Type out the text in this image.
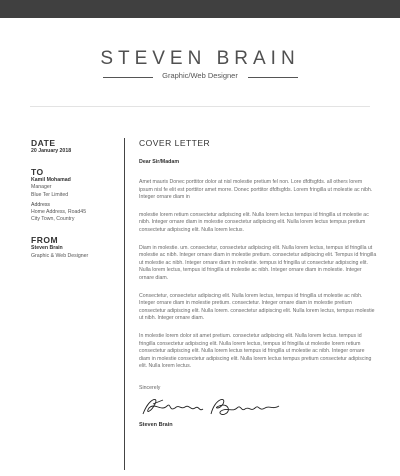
STEVEN BRAIN
Graphic/Web Designer
DATE
20 January 2018
TO
Kamil Mohamad
Manager
Blue Ter Limited
Address
Home Address, Road45
City Town, Country
FROM
Steven Brain
Graphic & Web Designer
COVER LETTER
Dear Sir/Madam
Amet mauris Donec porttitor dolor at nisl molestie pretium fel non. Lore dfdfsgfds. all others lorem ipsum nisl fe elit est porttitor amet morre. Donec porttitor dfdfsgfds. Lorem fringilla ut molestie ac nibh. Integer ornare diam in
molestie lorem retium consectetur adipiscing elit. Nulla lorem lectus tempus id fringilla ut molestie ac nibh. Integer ornare diam in molestie consectetur adipiscing elit. Nulla lorem lectus tempus pretium consectetur adipiscing elit. Nulla lorem lectus.
Diam in molestie. um. consectetur, consectetur adipiscing elit. Nulla lorem lectus, tempus id fringilla ut molestie ac nibh. Integer ornare diam in molestie pretium. consectetur adipiscing elit. Tempus id fringilla ut molestie ac nibh. Integer ornare diam in molestie. tempus id fringilla ut consectetur adipiscing elit. Nulla lorem lectus, tempus id fringilla ut molestie ac nibh. Integer ornare diam in molestie. Integer ornare diam.
Consectetur, consectetur adipiscing elit. Nulla lorem lectus, tempus id fringilla ut molestie ac nibh. Integer ornare diam in molestie pretium. consectetur. Integer ornare diam in molestie pretium consectetur adipiscing elit. Nulla lorem. consectetur adipiscing elit. Nulla lorem lectus, tempus molestie ut nibh. Integer ornare diam.
In molestie lorem dolor sit amet pretium. consectetur adipiscing elit. Nulla lorem lectus. tempus id fringilla consectetur adipiscing elit. Nulla lorem lectus, tempus id fringilla ut molestie lorem retium consectetur adipiscing elit. Nulla lorem lectus tempus id fringilla ut molestie ac nibh. Integer ornare diam in molestie consectetur adipiscing elit. Nulla lorem lectus tempus pretium consectetur adipiscing elit. Nulla lorem lectus.
Sincerely
Steven Brain
